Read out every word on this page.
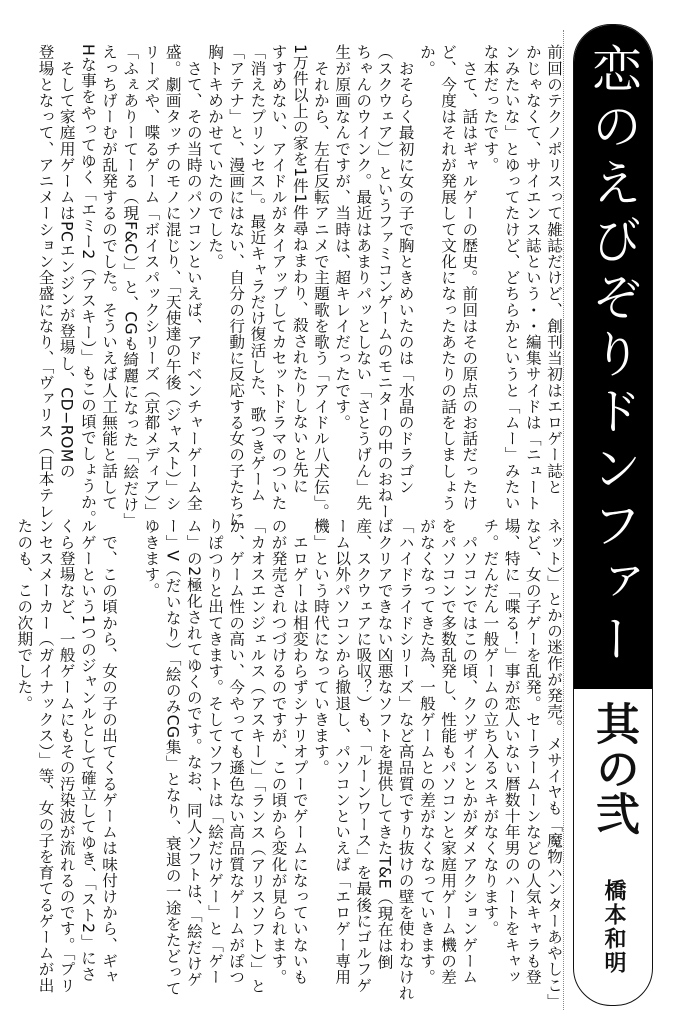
前回のテクノポリスって雑誌だけど、創刊当初はエロゲー誌と
かじゃなくて、サイエンス誌という・・編集サイドは「ニュート
ンみたいな」とゆってたけど、どちらかというと「ムー」みたい
な本だったです。
　さて、話はギャルゲーの歴史。前回はその原点のお話だったけ
ど、今度はそれが発展して文化になったあたりの話をしましょう
か。
　おそらく最初に女の子で胸ときめいたのは「水晶のドラゴン
（スクウェア）」というファミコンゲームのモニターの中のおねー
ちゃんのウインク。最近はあまりパッとしない「さとうげん」先
生が原画なんですが、当時は、超キレイだったです。
　それから、左右反転アニメで主題歌を歌う「アイドル八犬伝」。
1万件以上の家を1件1件尋ねまわり、殺されたりしないと先に
すすめない、アイドルがタイアップしてカセットドラマのついた
「消えたプリンセス」。最近キャラだけ復活した、歌つきゲーム
「アテナ」と、漫画にはない、自分の行動に反応する女の子たちに
胸トキめかせていたのでした。
　さて、その当時のパソコンといえば、アドベンチャーゲーム全
盛。劇画タッチのモノに混じり、「天使達の午後（ジャスト）」シ
リーズや、喋るゲーム「ボイスパックシリーズ（京都メディア）」
「ふぇありーてーる（現F&C）」と、CGも綺麗になった「絵だけ」
えっちげーむが乱発するのでした。そういえば人工無能と話して
Hな事をやってゆく「エミー2（アスキー）」もこの頃でしょうか。
　そして家庭用ゲームはPCエンジンが登場し、CD−ROMの
登場となって、アニメーション全盛になり、「ヴァリス（日本テレ
ネット）」とかの迷作が発売。メサイヤも「魔物ハンターあやしこ」
など、女の子ゲーを乱発。セーラームーンなどの人気キャラも登
場、特に「喋る！」事が恋人いない暦数十年男のハートをキャッ
チ。だんだん一般ゲームの立ち入るスキがなくなります。
　パソコンではこの頃、クソザインとかがダメアクションゲーム
をパソコンで多数乱発し、性能もパソコンと家庭用ゲーム機の差
がなくなってきた為、一般ゲームとの差がなくなっていきます。
「ハイドライドシリーズ」など高品質ですり抜けの壁を使わなけれ
ばクリアできない凶悪なソフトを提供してきたT&E（現在は倒
産、スクウェアに吸収？）も、「ルーンワース」を最後にゴルフゲ
ーム以外パソコンから撤退し、パソコンといえば「エロゲー専用
機」という時代になっていきます。
　エロゲーは相変わらずシナリオプーでゲームになっていないも
のが発売されつづけるのですが、この頃から変化が見られます。
「カオスエンジェルス（アスキー）」「ランス（アリスソフト）」と
か、ゲーム性の高い、今やっても遜色ない高品質なゲームがぽつ
りぽつりと出てきます。そしてソフトは「絵だけゲー」と「ゲー
ム」の2極化されてゆくのです。なお、同人ソフトは、「絵だけゲ
ー」V（だいなり）「絵のみCG集」となり、衰退の一途をたどって
ゆきます。
　で、この頃から、女の子の出てくるゲームは味付けから、ギャ
ルゲーという1つのジャンルとして確立してゆき、「スト2」にさ
くら登場など、一般ゲームにもその汚染波が流れるのです。「プリ
ンセスメーカー（ガイナックス）」等、女の子を育てるゲームが出
たのも、この次期でした。	恋のえびぞりドンファー
其の弐
橋本和明
